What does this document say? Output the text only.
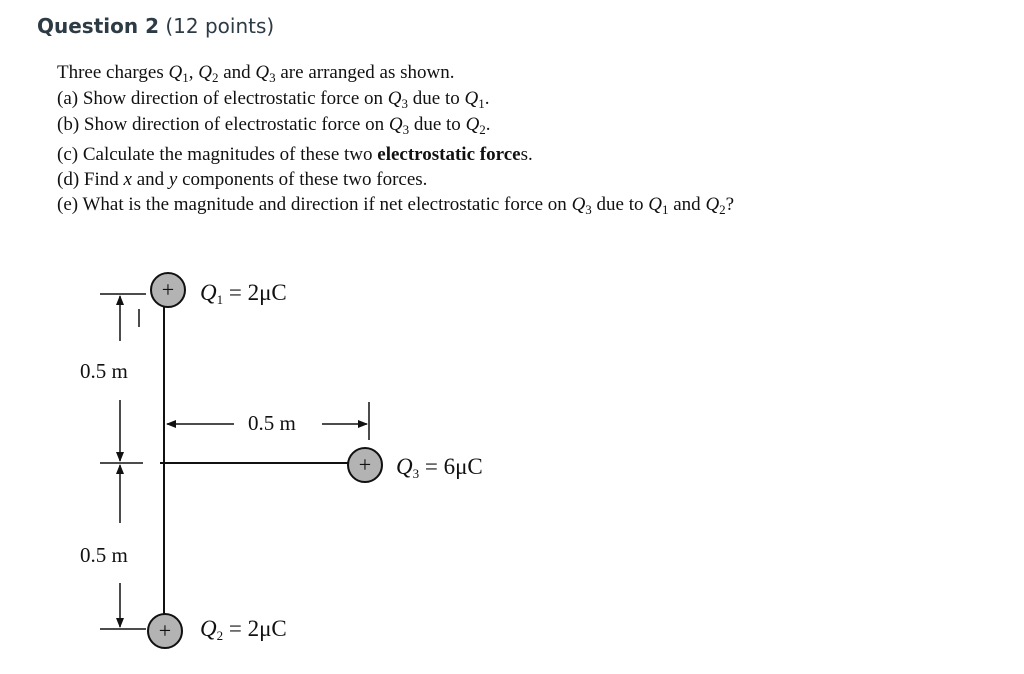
Question 2 (12 points)
Three charges $Q_1$, $Q_2$ and $Q_3$ are arranged as shown.
(a) Show direction of electrostatic force on $Q_3$ due to $Q_1$.
(b) Show direction of electrostatic force on $Q_3$ due to $Q_2$.
(c) Calculate the magnitudes of these two electrostatic forces.
(d) Find x and y components of these two forces.
(e) What is the magnitude and direction if net electrostatic force on $Q_3$ due to $Q_1$ and $Q_2$?
0.5 m
0.5 m
0.5 m
+ Q1 = 2μC
+ Q2 = 2μC
+ Q3 = 6μC
